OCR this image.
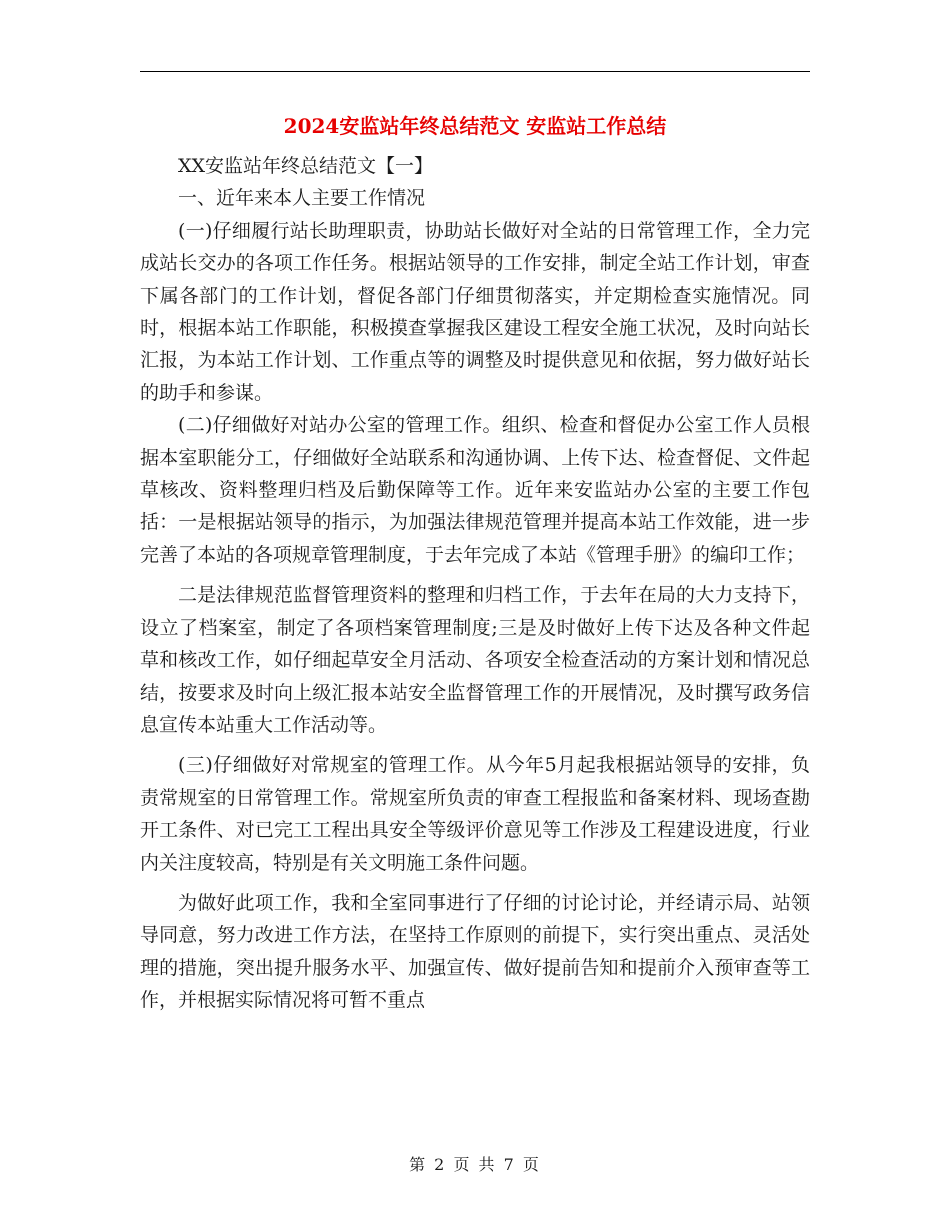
2024安监站年终总结范文 安监站工作总结

XX安监站年终总结范文【一】

一、近年来本人主要工作情况

(一)仔细履行站长助理职责，协助站长做好对全站的日常管理工作，全力完成站长交办的各项工作任务。根据站领导的工作安排，制定全站工作计划，审查下属各部门的工作计划，督促各部门仔细贯彻落实，并定期检查实施情况。同时，根据本站工作职能，积极摸查掌握我区建设工程安全施工状况，及时向站长汇报，为本站工作计划、工作重点等的调整及时提供意见和依据，努力做好站长的助手和参谋。

(二)仔细做好对站办公室的管理工作。组织、检查和督促办公室工作人员根据本室职能分工，仔细做好全站联系和沟通协调、上传下达、检查督促、文件起草核改、资料整理归档及后勤保障等工作。近年来安监站办公室的主要工作包括：一是根据站领导的指示，为加强法律规范管理并提高本站工作效能，进一步完善了本站的各项规章管理制度，于去年完成了本站《管理手册》的编印工作；

二是法律规范监督管理资料的整理和归档工作，于去年在局的大力支持下，设立了档案室，制定了各项档案管理制度;三是及时做好上传下达及各种文件起草和核改工作，如仔细起草安全月活动、各项安全检查活动的方案计划和情况总结，按要求及时向上级汇报本站安全监督管理工作的开展情况，及时撰写政务信息宣传本站重大工作活动等。

(三)仔细做好对常规室的管理工作。从今年5月起我根据站领导的安排，负责常规室的日常管理工作。常规室所负责的审查工程报监和备案材料、现场查勘开工条件、对已完工工程出具安全等级评价意见等工作涉及工程建设进度，行业内关注度较高，特别是有关文明施工条件问题。

为做好此项工作，我和全室同事进行了仔细的讨论讨论，并经请示局、站领导同意，努力改进工作方法，在坚持工作原则的前提下，实行突出重点、灵活处理的措施，突出提升服务水平、加强宣传、做好提前告知和提前介入预审查等工作，并根据实际情况将可暂不重点

第 2 页 共 7 页
